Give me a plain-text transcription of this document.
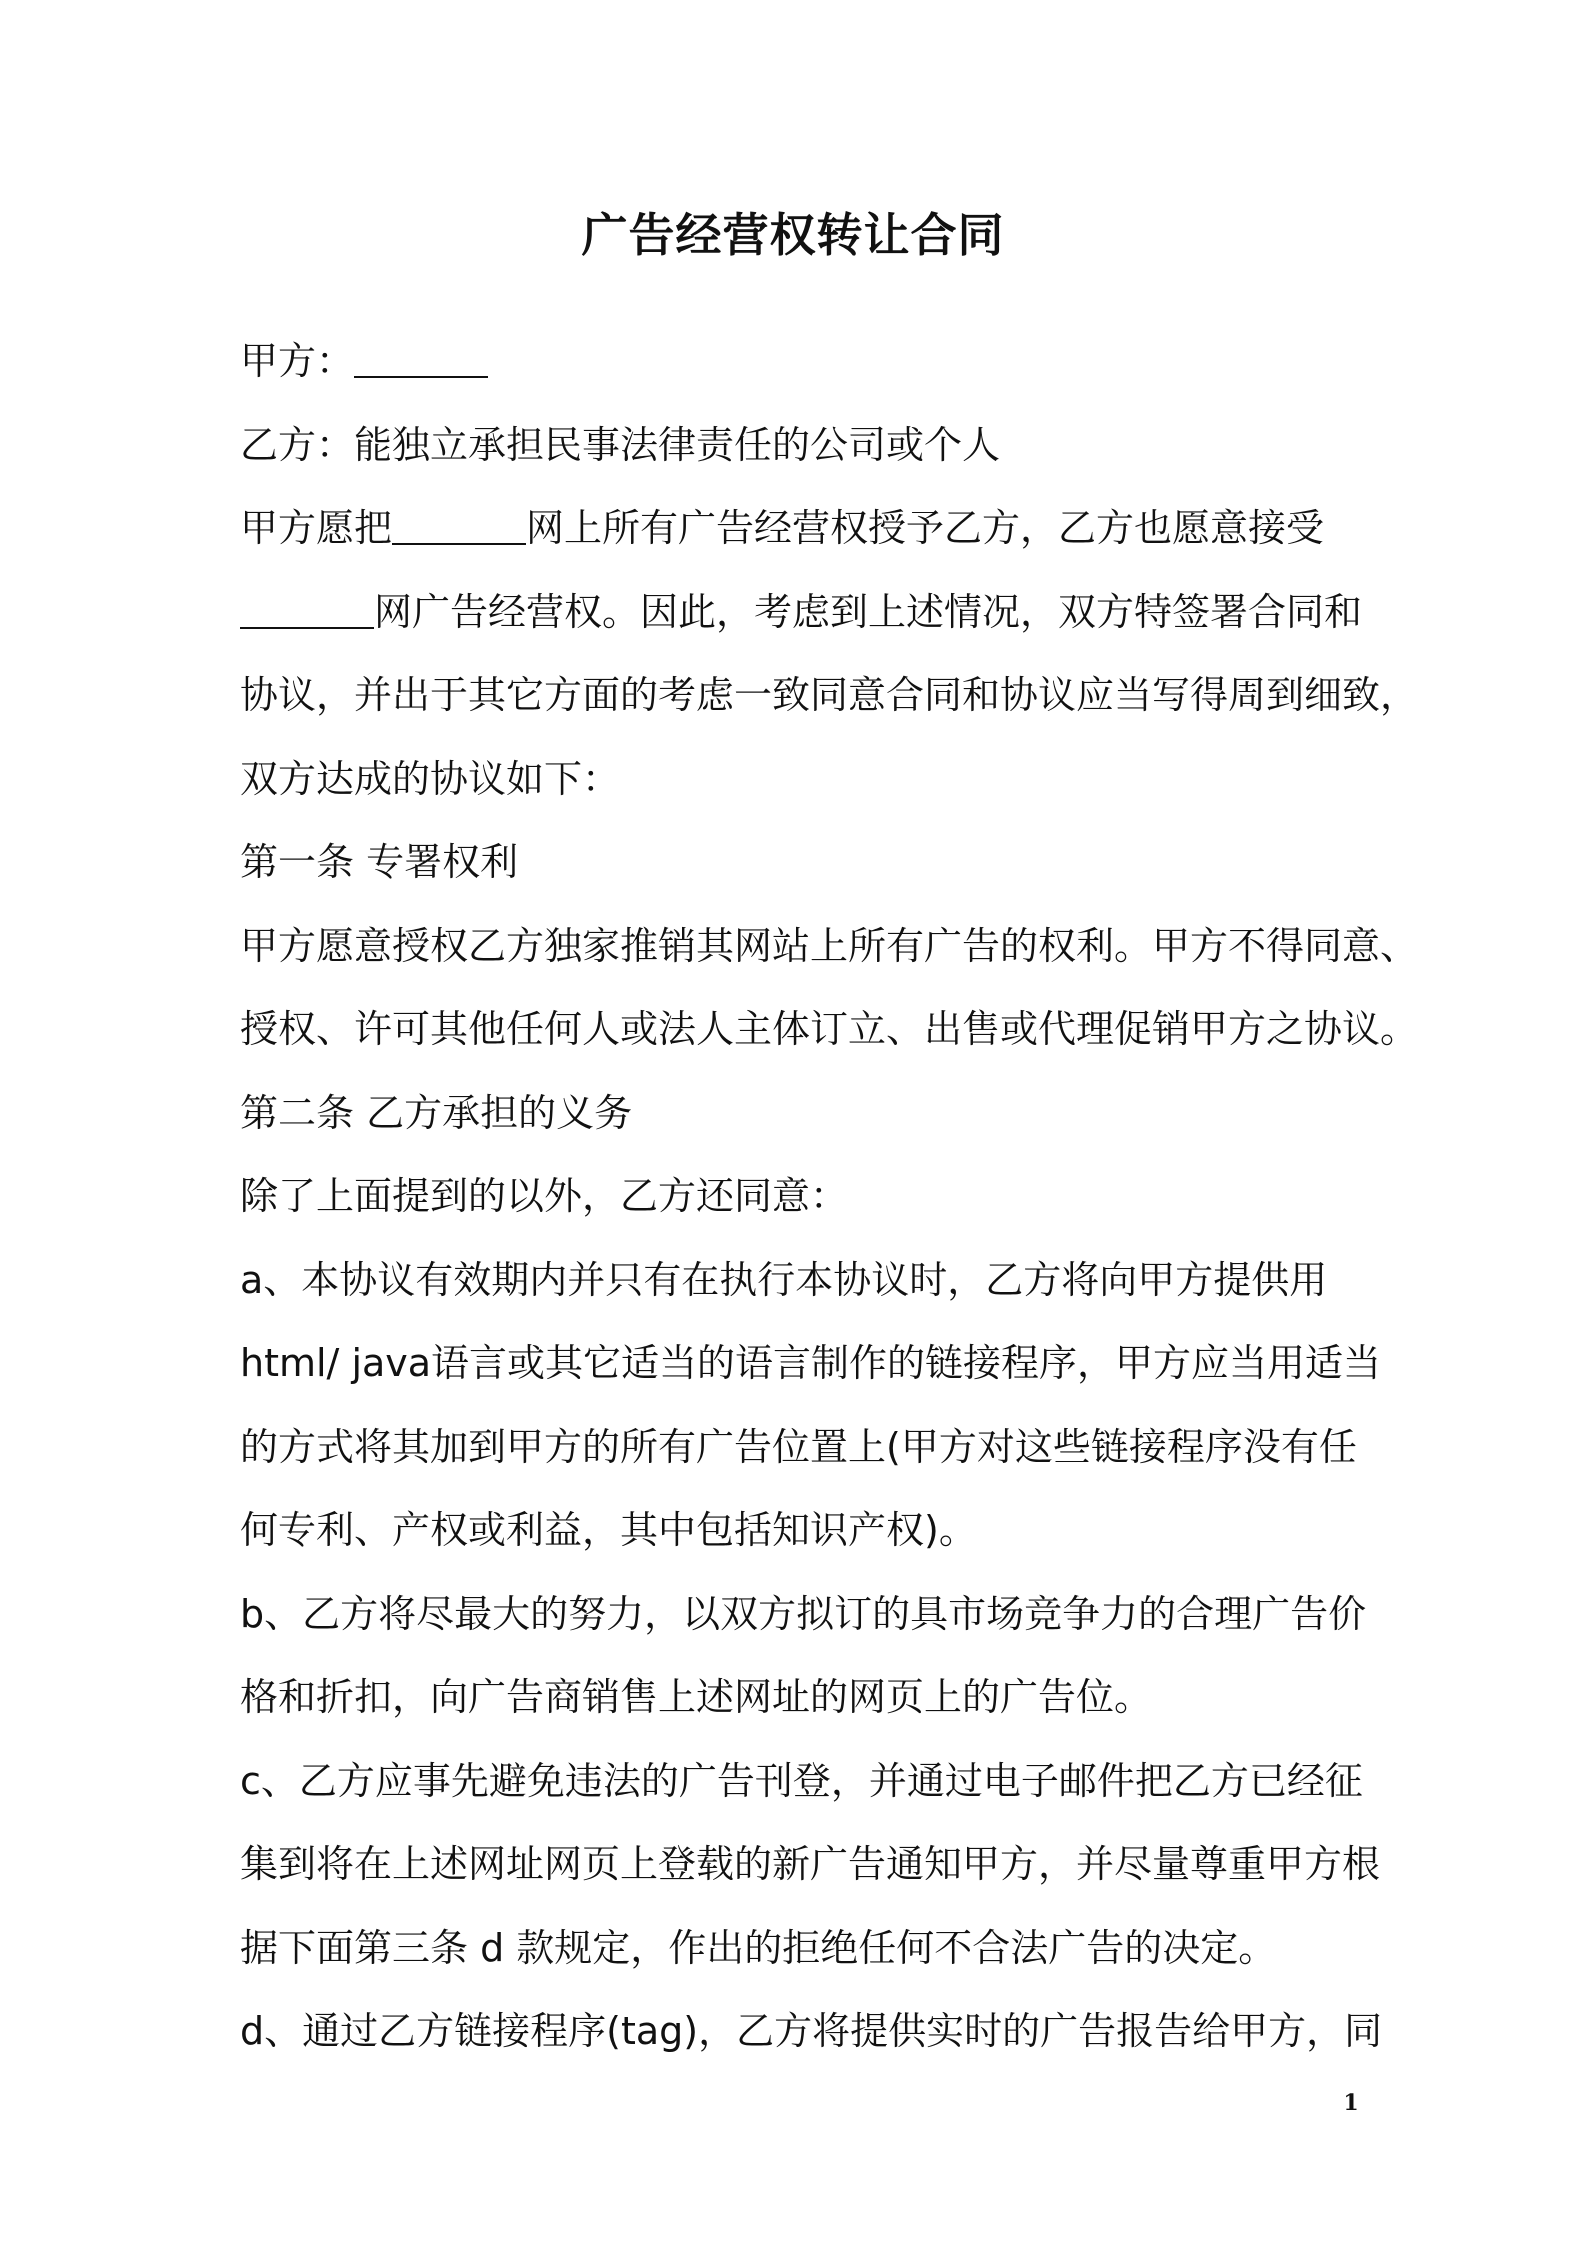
广告经营权转让合同

甲方：

乙方：能独立承担民事法律责任的公司或个人

甲方愿把	网上所有广告经营权授予乙方，乙方也愿意接受

网广告经营权。因此，考虑到上述情况，双方特签署合同和

协议，并出于其它方面的考虑一致同意合同和协议应当写得周到细致，

双方达成的协议如下：

第一条 专署权利

甲方愿意授权乙方独家推销其网站上所有广告的权利。甲方不得同意、

授权、许可其他任何人或法人主体订立、出售或代理促销甲方之协议。

第二条 乙方承担的义务

除了上面提到的以外，乙方还同意：

a、本协议有效期内并只有在执行本协议时，乙方将向甲方提供用

html/ java语言或其它适当的语言制作的链接程序，甲方应当用适当

的方式将其加到甲方的所有广告位置上(甲方对这些链接程序没有任

何专利、产权或利益，其中包括知识产权)。

b、乙方将尽最大的努力，以双方拟订的具市场竞争力的合理广告价

格和折扣，向广告商销售上述网址的网页上的广告位。

c、乙方应事先避免违法的广告刊登，并通过电子邮件把乙方已经征

集到将在上述网址网页上登载的新广告通知甲方，并尽量尊重甲方根

据下面第三条 d 款规定，作出的拒绝任何不合法广告的决定。

d、通过乙方链接程序(tag)，乙方将提供实时的广告报告给甲方，同

1
